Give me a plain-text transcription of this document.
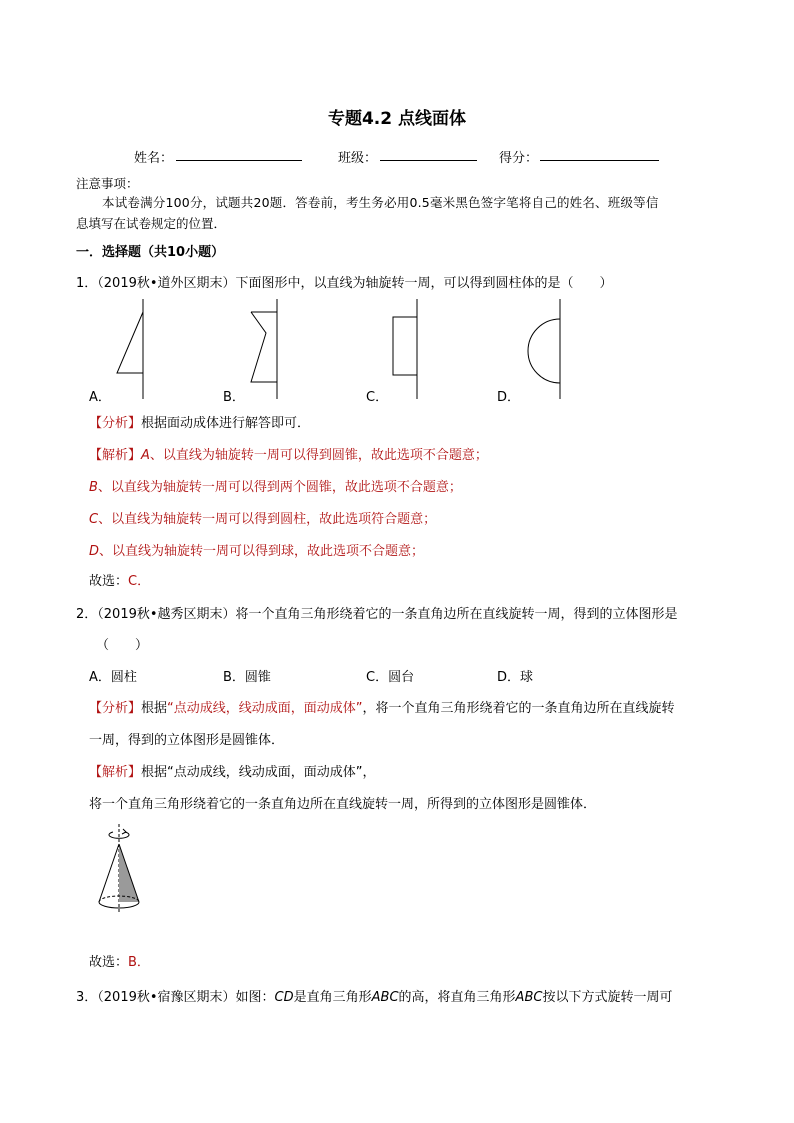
专题4.2 点线面体
姓名：	班级：	得分：
注意事项：
本试卷满分100分，试题共20题．答卷前，考生务必用0.5毫米黑色签字笔将自己的姓名、班级等信
息填写在试卷规定的位置．
一．选择题（共10小题）
1．（2019秋•道外区期末）下面图形中，以直线为轴旋转一周，可以得到圆柱体的是（　　）
A．	B．	C．	D．
【分析】根据面动成体进行解答即可．
【解析】A、以直线为轴旋转一周可以得到圆锥，故此选项不合题意；
B、以直线为轴旋转一周可以得到两个圆锥，故此选项不合题意；
C、以直线为轴旋转一周可以得到圆柱，故此选项符合题意；
D、以直线为轴旋转一周可以得到球，故此选项不合题意；
故选：C．
2．（2019秋•越秀区期末）将一个直角三角形绕着它的一条直角边所在直线旋转一周，得到的立体图形是
（　　）
A．圆柱	B．圆锥	C．圆台	D．球
【分析】根据“点动成线，线动成面，面动成体”，将一个直角三角形绕着它的一条直角边所在直线旋转
一周，得到的立体图形是圆锥体．
【解析】根据“点动成线，线动成面，面动成体”，
将一个直角三角形绕着它的一条直角边所在直线旋转一周，所得到的立体图形是圆锥体．
故选：B．
3．（2019秋•宿豫区期末）如图：CD是直角三角形ABC的高，将直角三角形ABC按以下方式旋转一周可
